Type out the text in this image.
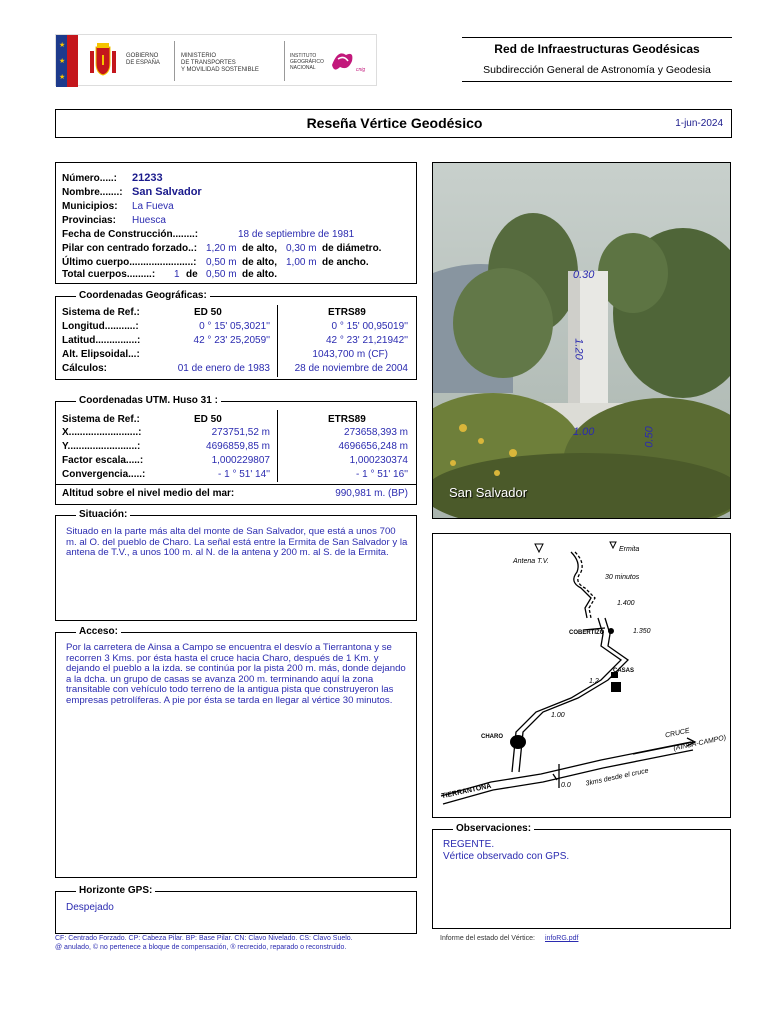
★
★
★
GOBIERNO
DE ESPAÑA
MINISTERIO
DE TRANSPORTES
Y MOVILIDAD SOSTENIBLE
INSTITUTO
GEOGRÁFICO
NACIONAL	cnig
Red de Infraestructuras Geodésicas
Subdirección General de Astronomía y Geodesia
Reseña Vértice Geodésico	1-jun-2024
Número.....: 21233
Nombre.......: San Salvador
Municipios: La Fueva
Provincias: Huesca
Fecha de Construcción........:	18 de septiembre de 1981
Pilar con centrado forzado..: 1,20 m de alto, 0,30 m de diámetro.
Último cuerpo.......................: 0,50 m de alto, 1,00 m de ancho.
Total cuerpos.........: 1 de 0,50 m de alto.
Coordenadas Geográficas:
Sistema de Ref.:	ED 50	ETRS89
Longitud...........:	0 ° 15' 05,3021''	0 ° 15' 00,95019''
Latitud...............:	42 ° 23' 25,2059''	42 ° 23' 21,21942''
Alt. Elipsoidal...:	1043,700 m (CF)
Cálculos:	01 de enero de 1983 28 de noviembre de 2004
Coordenadas UTM. Huso 31 :
Sistema de Ref.:	ED 50	ETRS89
X.........................:	273751,52 m	273658,393 m
Y.........................:	4696859,85 m	4696656,248 m
Factor escala.....:	1,000229807	1,000230374
Convergencia.....:	- 1 ° 51' 14''	- 1 ° 51' 16''
Altitud sobre el nivel medio del mar:	990,981 m. (BP)
0.30
1.20
1.00	0.50
San Salvador
Situación:
Situado en la parte más alta del monte de San Salvador, que está a unos 700 m. al O. del pueblo de Charo. La señal está entre la Ermita de San Salvador y la antena de T.V., a unos 100 m. al N. de la antena y 200 m. al S. de la Ermita.
Acceso:
Por la carretera de Ainsa a Campo se encuentra el desvío a Tierrantona y se recorren 3 Kms. por ésta hasta el cruce hacia Charo, después de 1 Km. y dejando el pueblo a la izda. se continúa por la pista 200 m. más, donde dejando a la dcha. un grupo de casas se avanza 200 m. terminando aquí la zona transitable con vehículo todo terreno de la antigua pista que construyeron las empresas petrolíferas. A pie por ésta se tarda en llegar al vértice 30 minutos.
Antena T.V.
Ermita
30 minutos
1.400
COBERTIZO	1.350
CASAS
1.2
1.00
CHARO	CRUCE
(AINSA-CAMPO)
TIERRANTONA	0.0 3kms desde el cruce
Observaciones:
REGENTE.
Vértice observado con GPS.
Horizonte GPS:
Despejado
CF: Centrado Forzado. CP: Cabeza Pilar. BP: Base Pilar. CN: Clavo Nivelado. CS: Clavo Suelo.
@ anulado, © no pertenece a bloque de compensación, ® recrecido, reparado o reconstruido.
Informe del estado del Vértice: infoRG.pdf
